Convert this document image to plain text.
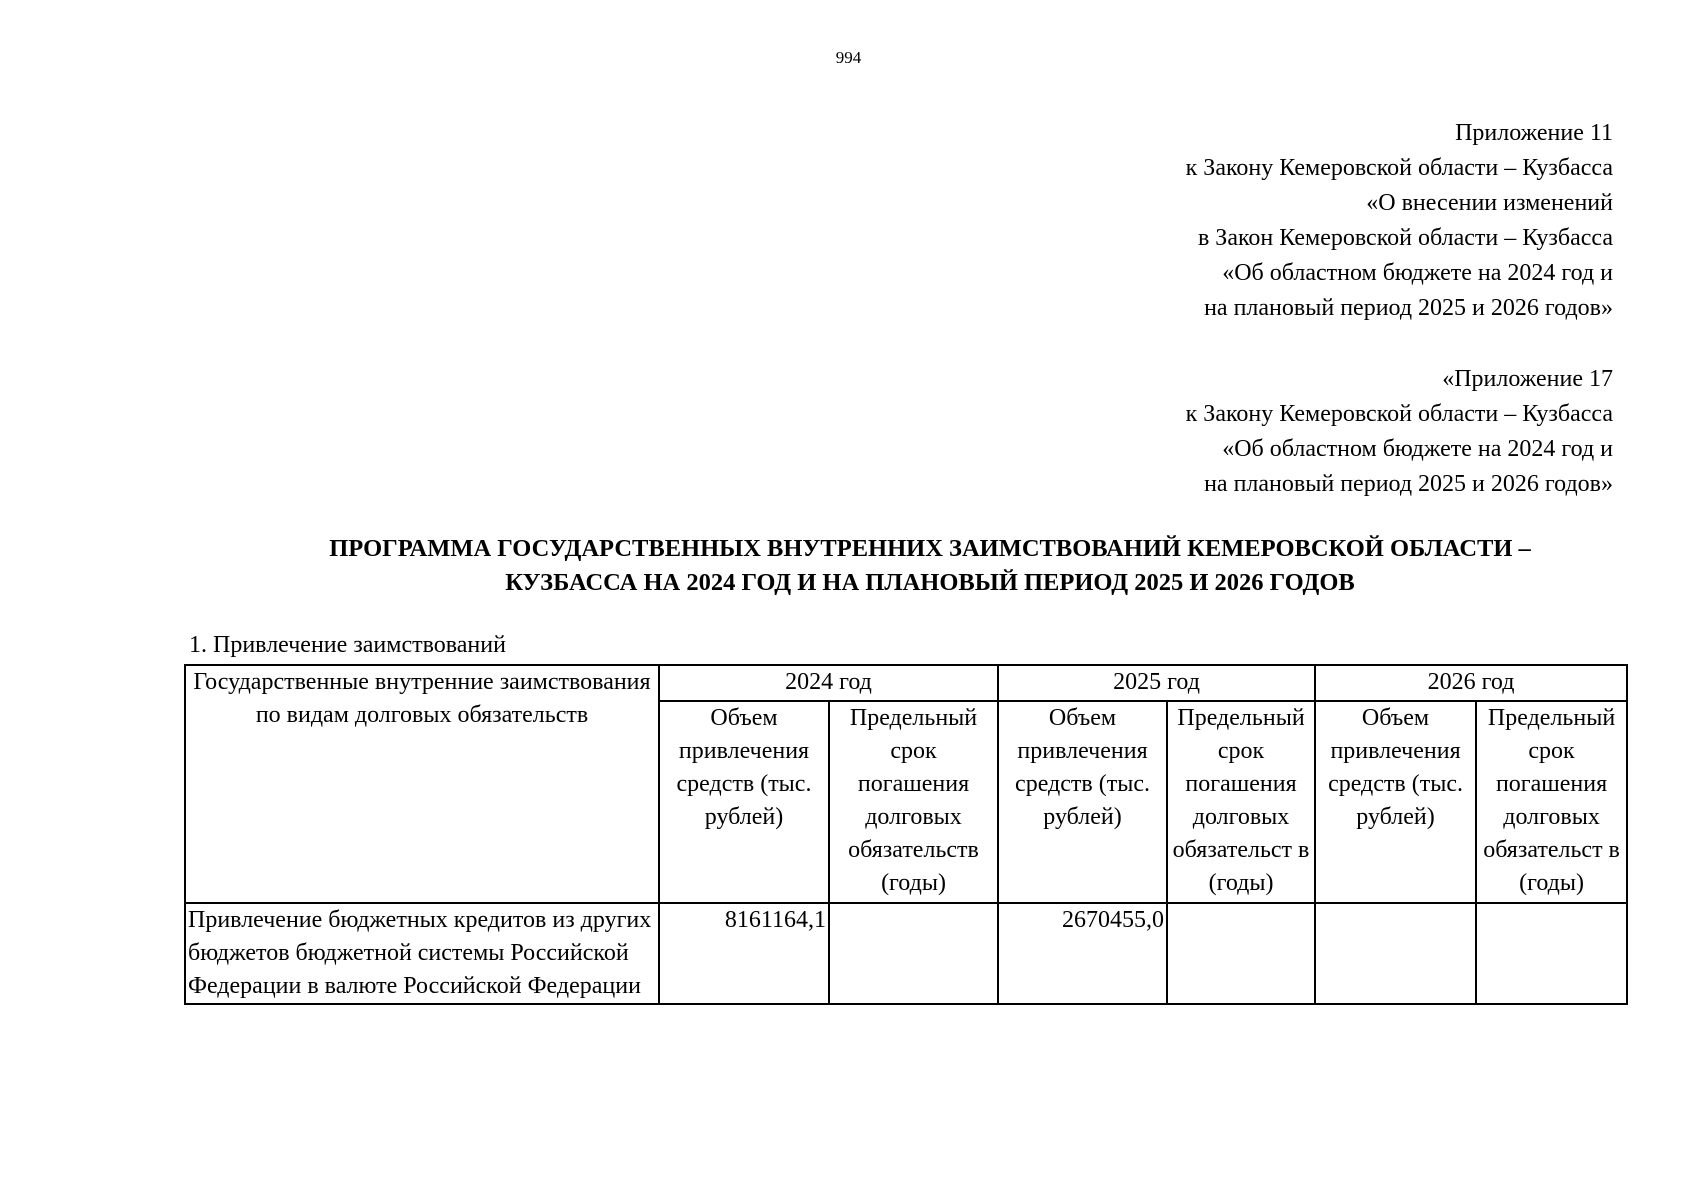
994
Приложение 11
к Закону Кемеровской области – Кузбасса
«О внесении изменений
в Закон Кемеровской области – Кузбасса
«Об областном бюджете на 2024 год и
на плановый период 2025 и 2026 годов»
«Приложение 17
к Закону Кемеровской области – Кузбасса
«Об областном бюджете на 2024 год и
на плановый период 2025 и 2026 годов»
ПРОГРАММА ГОСУДАРСТВЕННЫХ ВНУТРЕННИХ ЗАИМСТВОВАНИЙ КЕМЕРОВСКОЙ ОБЛАСТИ –
КУЗБАССА НА 2024 ГОД И НА ПЛАНОВЫЙ ПЕРИОД 2025 И 2026 ГОДОВ
1. Привлечение заимствований
Государственные внутренние заимствования по видам долговых обязательств	2024 год		2025 год		2026 год	
	Объем привлечения средств (тыс. рублей)	Предельный срок погашения долговых обязательств (годы)	Объем привлечения средств (тыс. рублей)	Предельный срок погашения долговых обязательст в (годы)	Объем привлечения средств (тыс. рублей)	Предельный срок погашения долговых обязательст в (годы)
Привлечение бюджетных кредитов из других бюджетов бюджетной системы Российской Федерации в валюте Российской Федерации	8161164,1		2670455,0			
